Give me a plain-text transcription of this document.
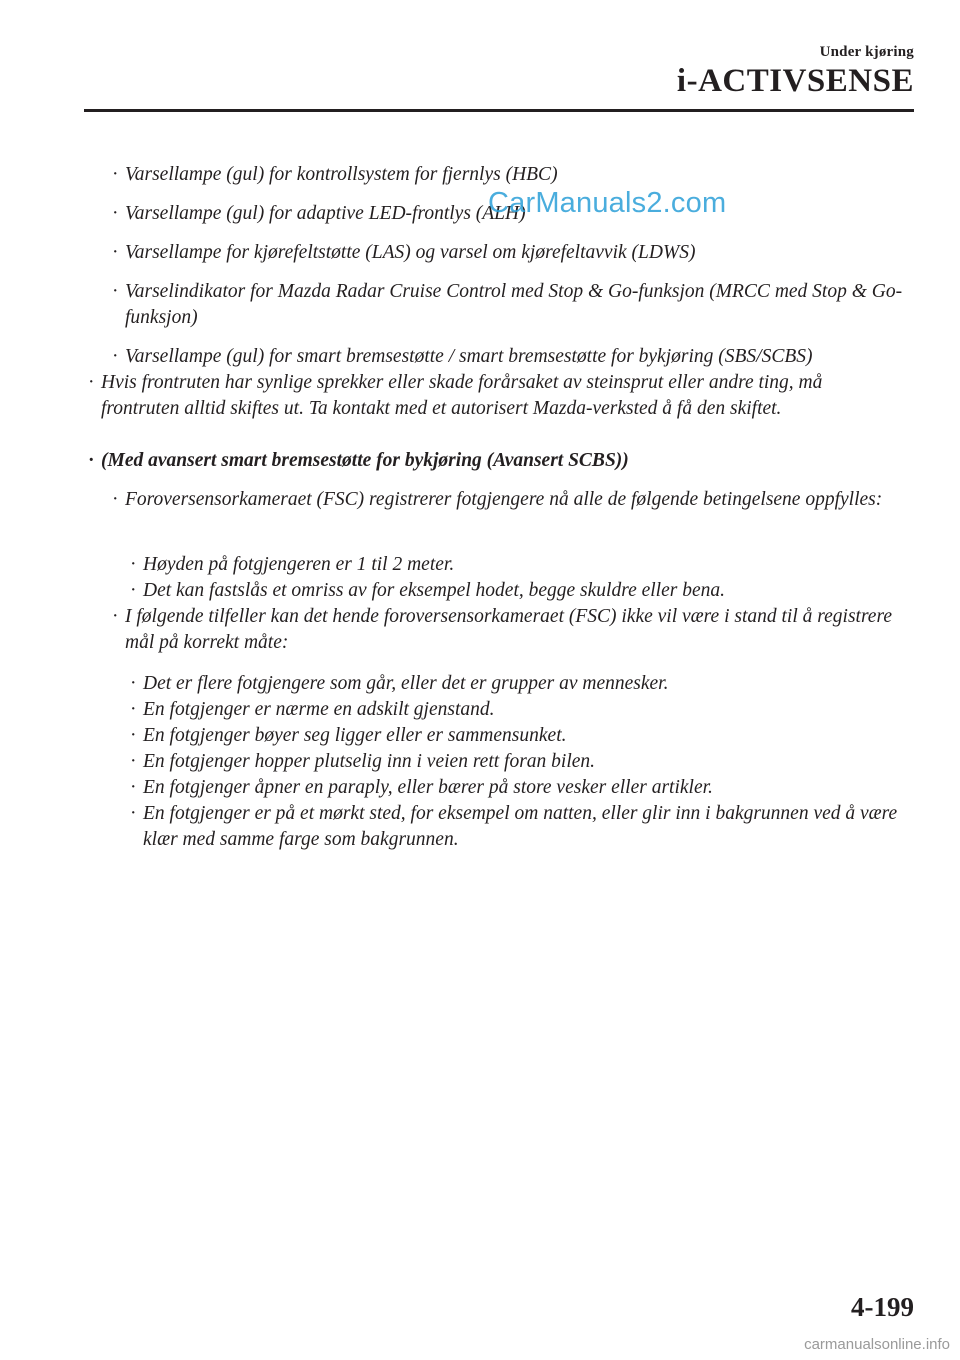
Under kjøring
i-ACTIVSENSE
· Varsellampe (gul) for kontrollsystem for fjernlys (HBC)
· Varsellampe (gul) for adaptive LED-frontlys (ALH)
· Varsellampe for kjørefeltstøtte (LAS) og varsel om kjørefeltavvik (LDWS)
· Varselindikator for Mazda Radar Cruise Control med Stop & Go-funksjon (MRCC med Stop & Go-funksjon)
· Varsellampe (gul) for smart bremsestøtte / smart bremsestøtte for bykjøring (SBS/SCBS)
· Hvis frontruten har synlige sprekker eller skade forårsaket av steinsprut eller andre ting, må frontruten alltid skiftes ut. Ta kontakt med et autorisert Mazda-verksted å få den skiftet.
· (Med avansert smart bremsestøtte for bykjøring (Avansert SCBS))
· Foroversensorkameraet (FSC) registrerer fotgjengere nå alle de følgende betingelsene oppfylles:
· Høyden på fotgjengeren er 1 til 2 meter.
· Det kan fastslås et omriss av for eksempel hodet, begge skuldre eller bena.
· I følgende tilfeller kan det hende foroversensorkameraet (FSC) ikke vil være i stand til å registrere mål på korrekt måte:
· Det er flere fotgjengere som går, eller det er grupper av mennesker.
· En fotgjenger er nærme en adskilt gjenstand.
· En fotgjenger bøyer seg ligger eller er sammensunket.
· En fotgjenger hopper plutselig inn i veien rett foran bilen.
· En fotgjenger åpner en paraply, eller bærer på store vesker eller artikler.
· En fotgjenger er på et mørkt sted, for eksempel om natten, eller glir inn i bakgrunnen ved å være klær med samme farge som bakgrunnen.
CarManuals2.com
4-199
carmanualsonline.info
